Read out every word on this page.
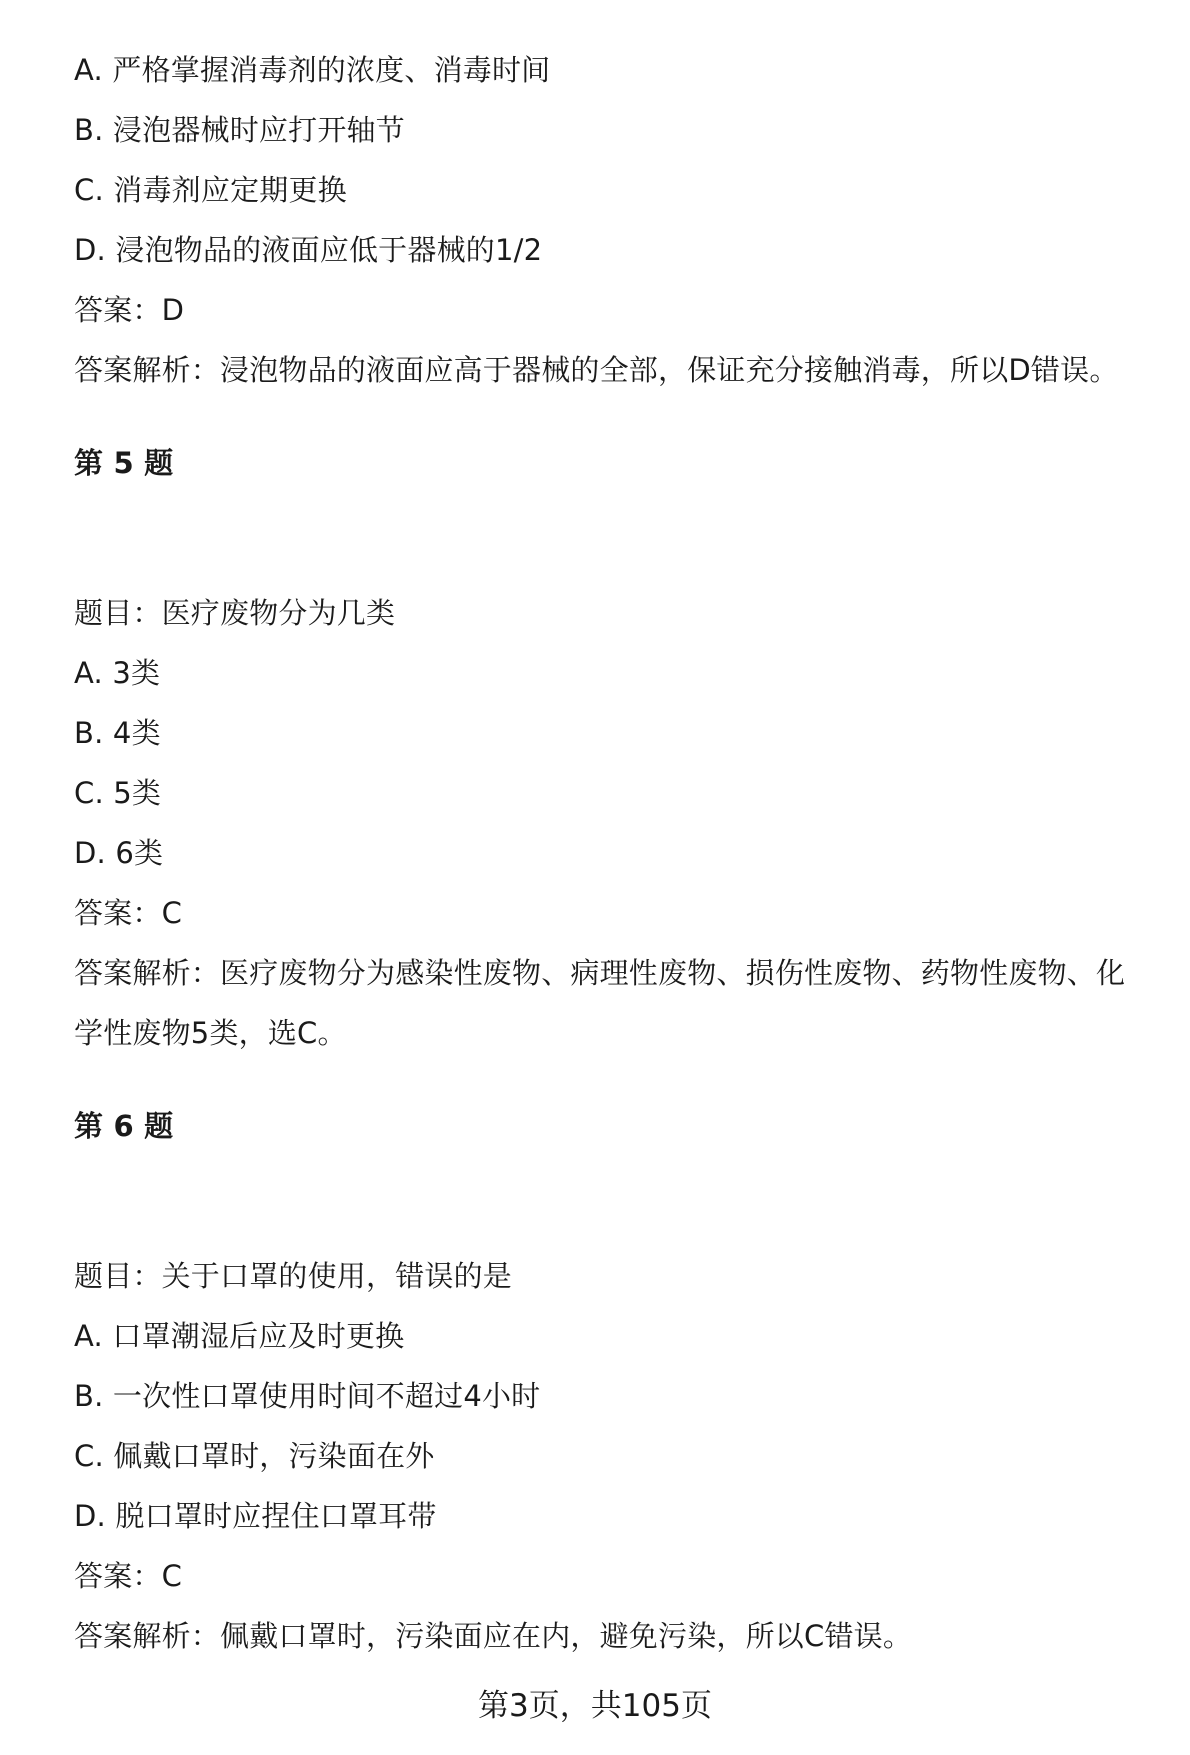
A. 严格掌握消毒剂的浓度、消毒时间
B. 浸泡器械时应打开轴节
C. 消毒剂应定期更换
D. 浸泡物品的液面应低于器械的1/2
答案：D
答案解析：浸泡物品的液面应高于器械的全部，保证充分接触消毒，所以D错误。
第 5 题
题目：医疗废物分为几类
A. 3类
B. 4类
C. 5类
D. 6类
答案：C
答案解析：医疗废物分为感染性废物、病理性废物、损伤性废物、药物性废物、化
学性废物5类，选C。
第 6 题
题目：关于口罩的使用，错误的是
A. 口罩潮湿后应及时更换
B. 一次性口罩使用时间不超过4小时
C. 佩戴口罩时，污染面在外
D. 脱口罩时应捏住口罩耳带
答案：C
答案解析：佩戴口罩时，污染面应在内，避免污染，所以C错误。
第3页，共105页
